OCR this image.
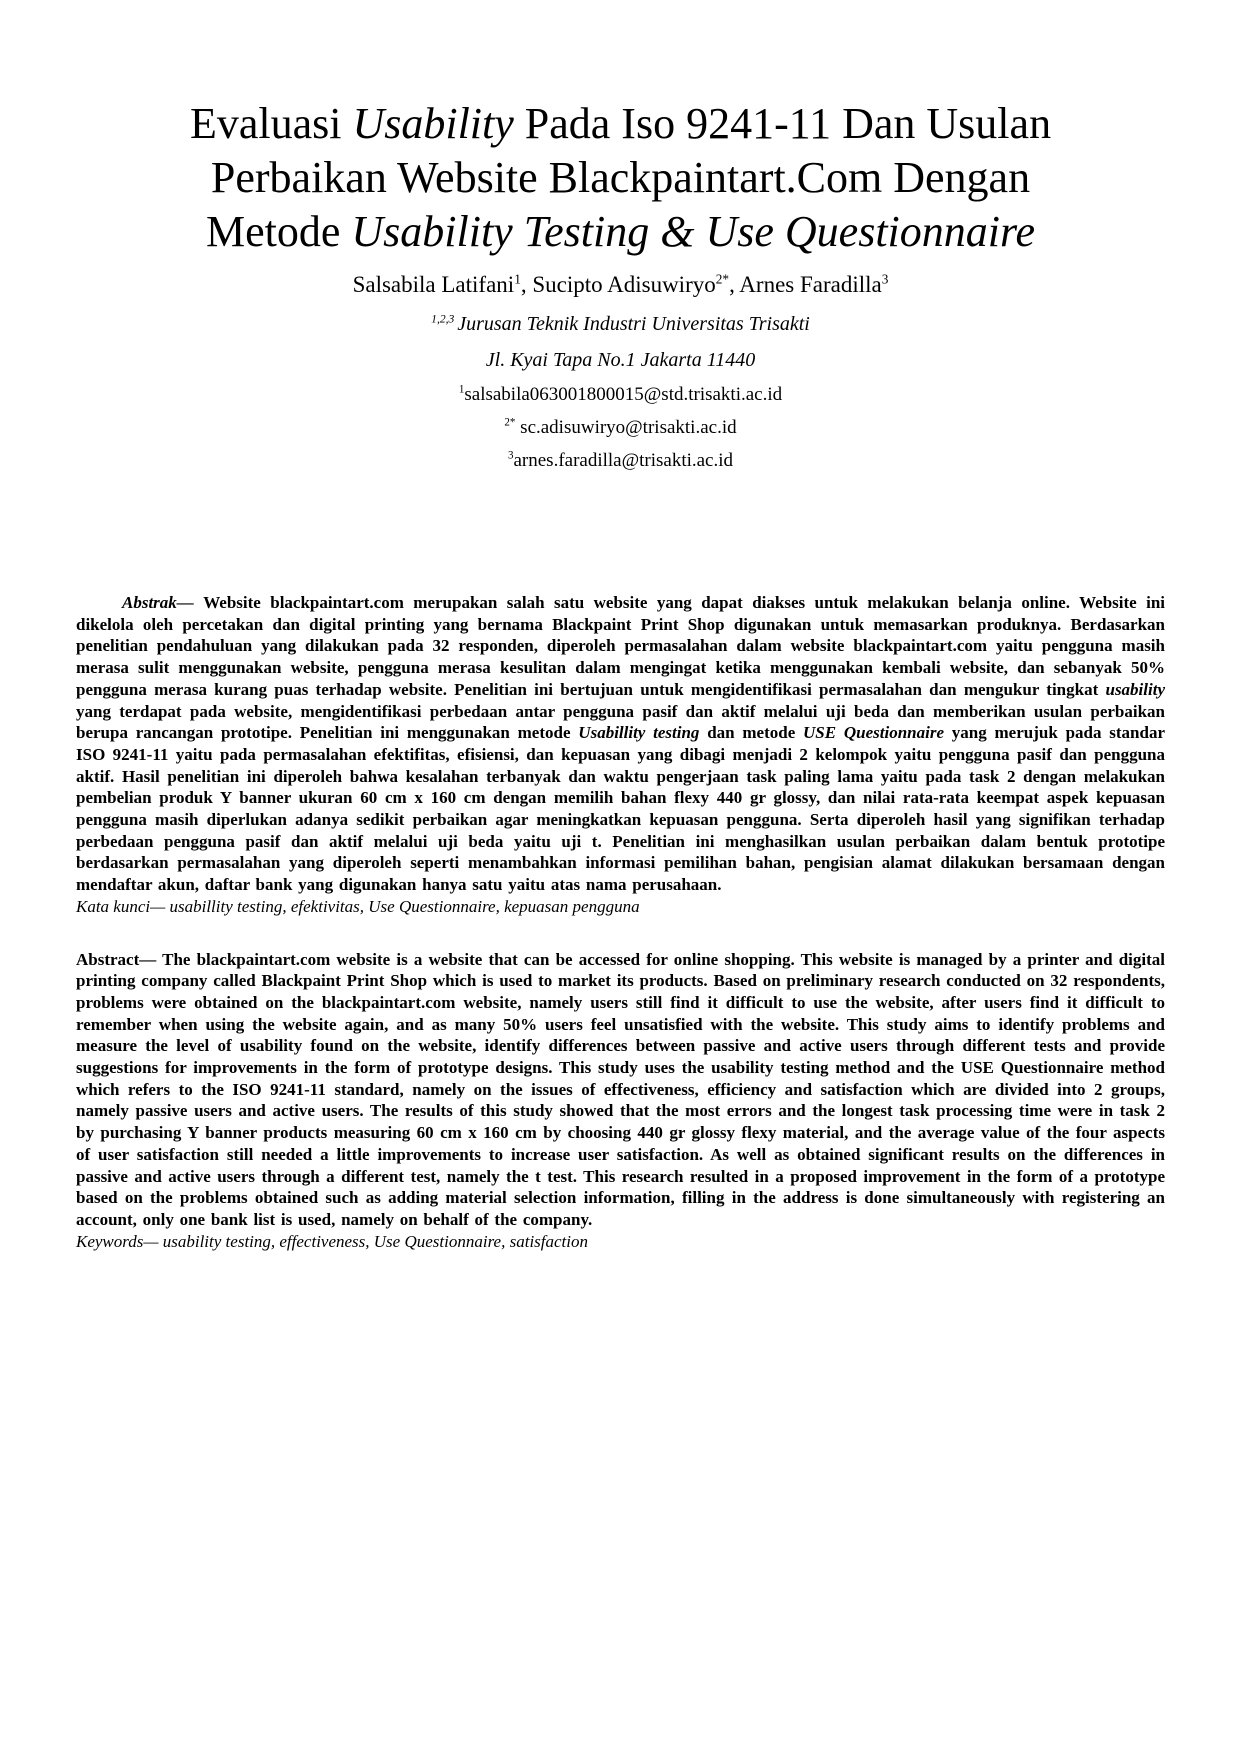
Evaluasi Usability Pada Iso 9241-11 Dan Usulan
Perbaikan Website Blackpaintart.Com Dengan
Metode Usability Testing & Use Questionnaire
Salsabila Latifani$^1$, Sucipto Adisuwiryo$^{2*}$, Arnes Faradilla$^3$
$^{1,2,3}$ Jurusan Teknik Industri Universitas Trisakti
Jl. Kyai Tapa No.1 Jakarta 11440
$^1$salsabila063001800015@std.trisakti.ac.id
$^{2*}$ sc.adisuwiryo@trisakti.ac.id
$^3$arnes.faradilla@trisakti.ac.id
Abstrak— Website blackpaintart.com merupakan salah satu website yang dapat diakses untuk melakukan belanja online. Website ini dikelola oleh percetakan dan digital printing yang bernama Blackpaint Print Shop digunakan untuk memasarkan produknya. Berdasarkan penelitian pendahuluan yang dilakukan pada 32 responden, diperoleh permasalahan dalam website blackpaintart.com yaitu pengguna masih merasa sulit menggunakan website, pengguna merasa kesulitan dalam mengingat ketika menggunakan kembali website, dan sebanyak 50% pengguna merasa kurang puas terhadap website. Penelitian ini bertujuan untuk mengidentifikasi permasalahan dan mengukur tingkat usability yang terdapat pada website, mengidentifikasi perbedaan antar pengguna pasif dan aktif melalui uji beda dan memberikan usulan perbaikan berupa rancangan prototipe. Penelitian ini menggunakan metode Usabillity testing dan metode USE Questionnaire yang merujuk pada standar ISO 9241-11 yaitu pada permasalahan efektifitas, efisiensi, dan kepuasan yang dibagi menjadi 2 kelompok yaitu pengguna pasif dan pengguna aktif. Hasil penelitian ini diperoleh bahwa kesalahan terbanyak dan waktu pengerjaan task paling lama yaitu pada task 2 dengan melakukan pembelian produk Y banner ukuran 60 cm x 160 cm dengan memilih bahan flexy 440 gr glossy, dan nilai rata-rata keempat aspek kepuasan pengguna masih diperlukan adanya sedikit perbaikan agar meningkatkan kepuasan pengguna. Serta diperoleh hasil yang signifikan terhadap perbedaan pengguna pasif dan aktif melalui uji beda yaitu uji t. Penelitian ini menghasilkan usulan perbaikan dalam bentuk prototipe berdasarkan permasalahan yang diperoleh seperti menambahkan informasi pemilihan bahan, pengisian alamat dilakukan bersamaan dengan mendaftar akun, daftar bank yang digunakan hanya satu yaitu atas nama perusahaan.
Kata kunci— usabillity testing, efektivitas, Use Questionnaire, kepuasan pengguna
Abstract— The blackpaintart.com website is a website that can be accessed for online shopping. This website is managed by a printer and digital printing company called Blackpaint Print Shop which is used to market its products. Based on preliminary research conducted on 32 respondents, problems were obtained on the blackpaintart.com website, namely users still find it difficult to use the website, after users find it difficult to remember when using the website again, and as many 50% users feel unsatisfied with the website. This study aims to identify problems and measure the level of usability found on the website, identify differences between passive and active users through different tests and provide suggestions for improvements in the form of prototype designs. This study uses the usability testing method and the USE Questionnaire method which refers to the ISO 9241-11 standard, namely on the issues of effectiveness, efficiency and satisfaction which are divided into 2 groups, namely passive users and active users. The results of this study showed that the most errors and the longest task processing time were in task 2 by purchasing Y banner products measuring 60 cm x 160 cm by choosing 440 gr glossy flexy material, and the average value of the four aspects of user satisfaction still needed a little improvements to increase user satisfaction. As well as obtained significant results on the differences in passive and active users through a different test, namely the t test. This research resulted in a proposed improvement in the form of a prototype based on the problems obtained such as adding material selection information, filling in the address is done simultaneously with registering an account, only one bank list is used, namely on behalf of the company.
Keywords— usability testing, effectiveness, Use Questionnaire, satisfaction
